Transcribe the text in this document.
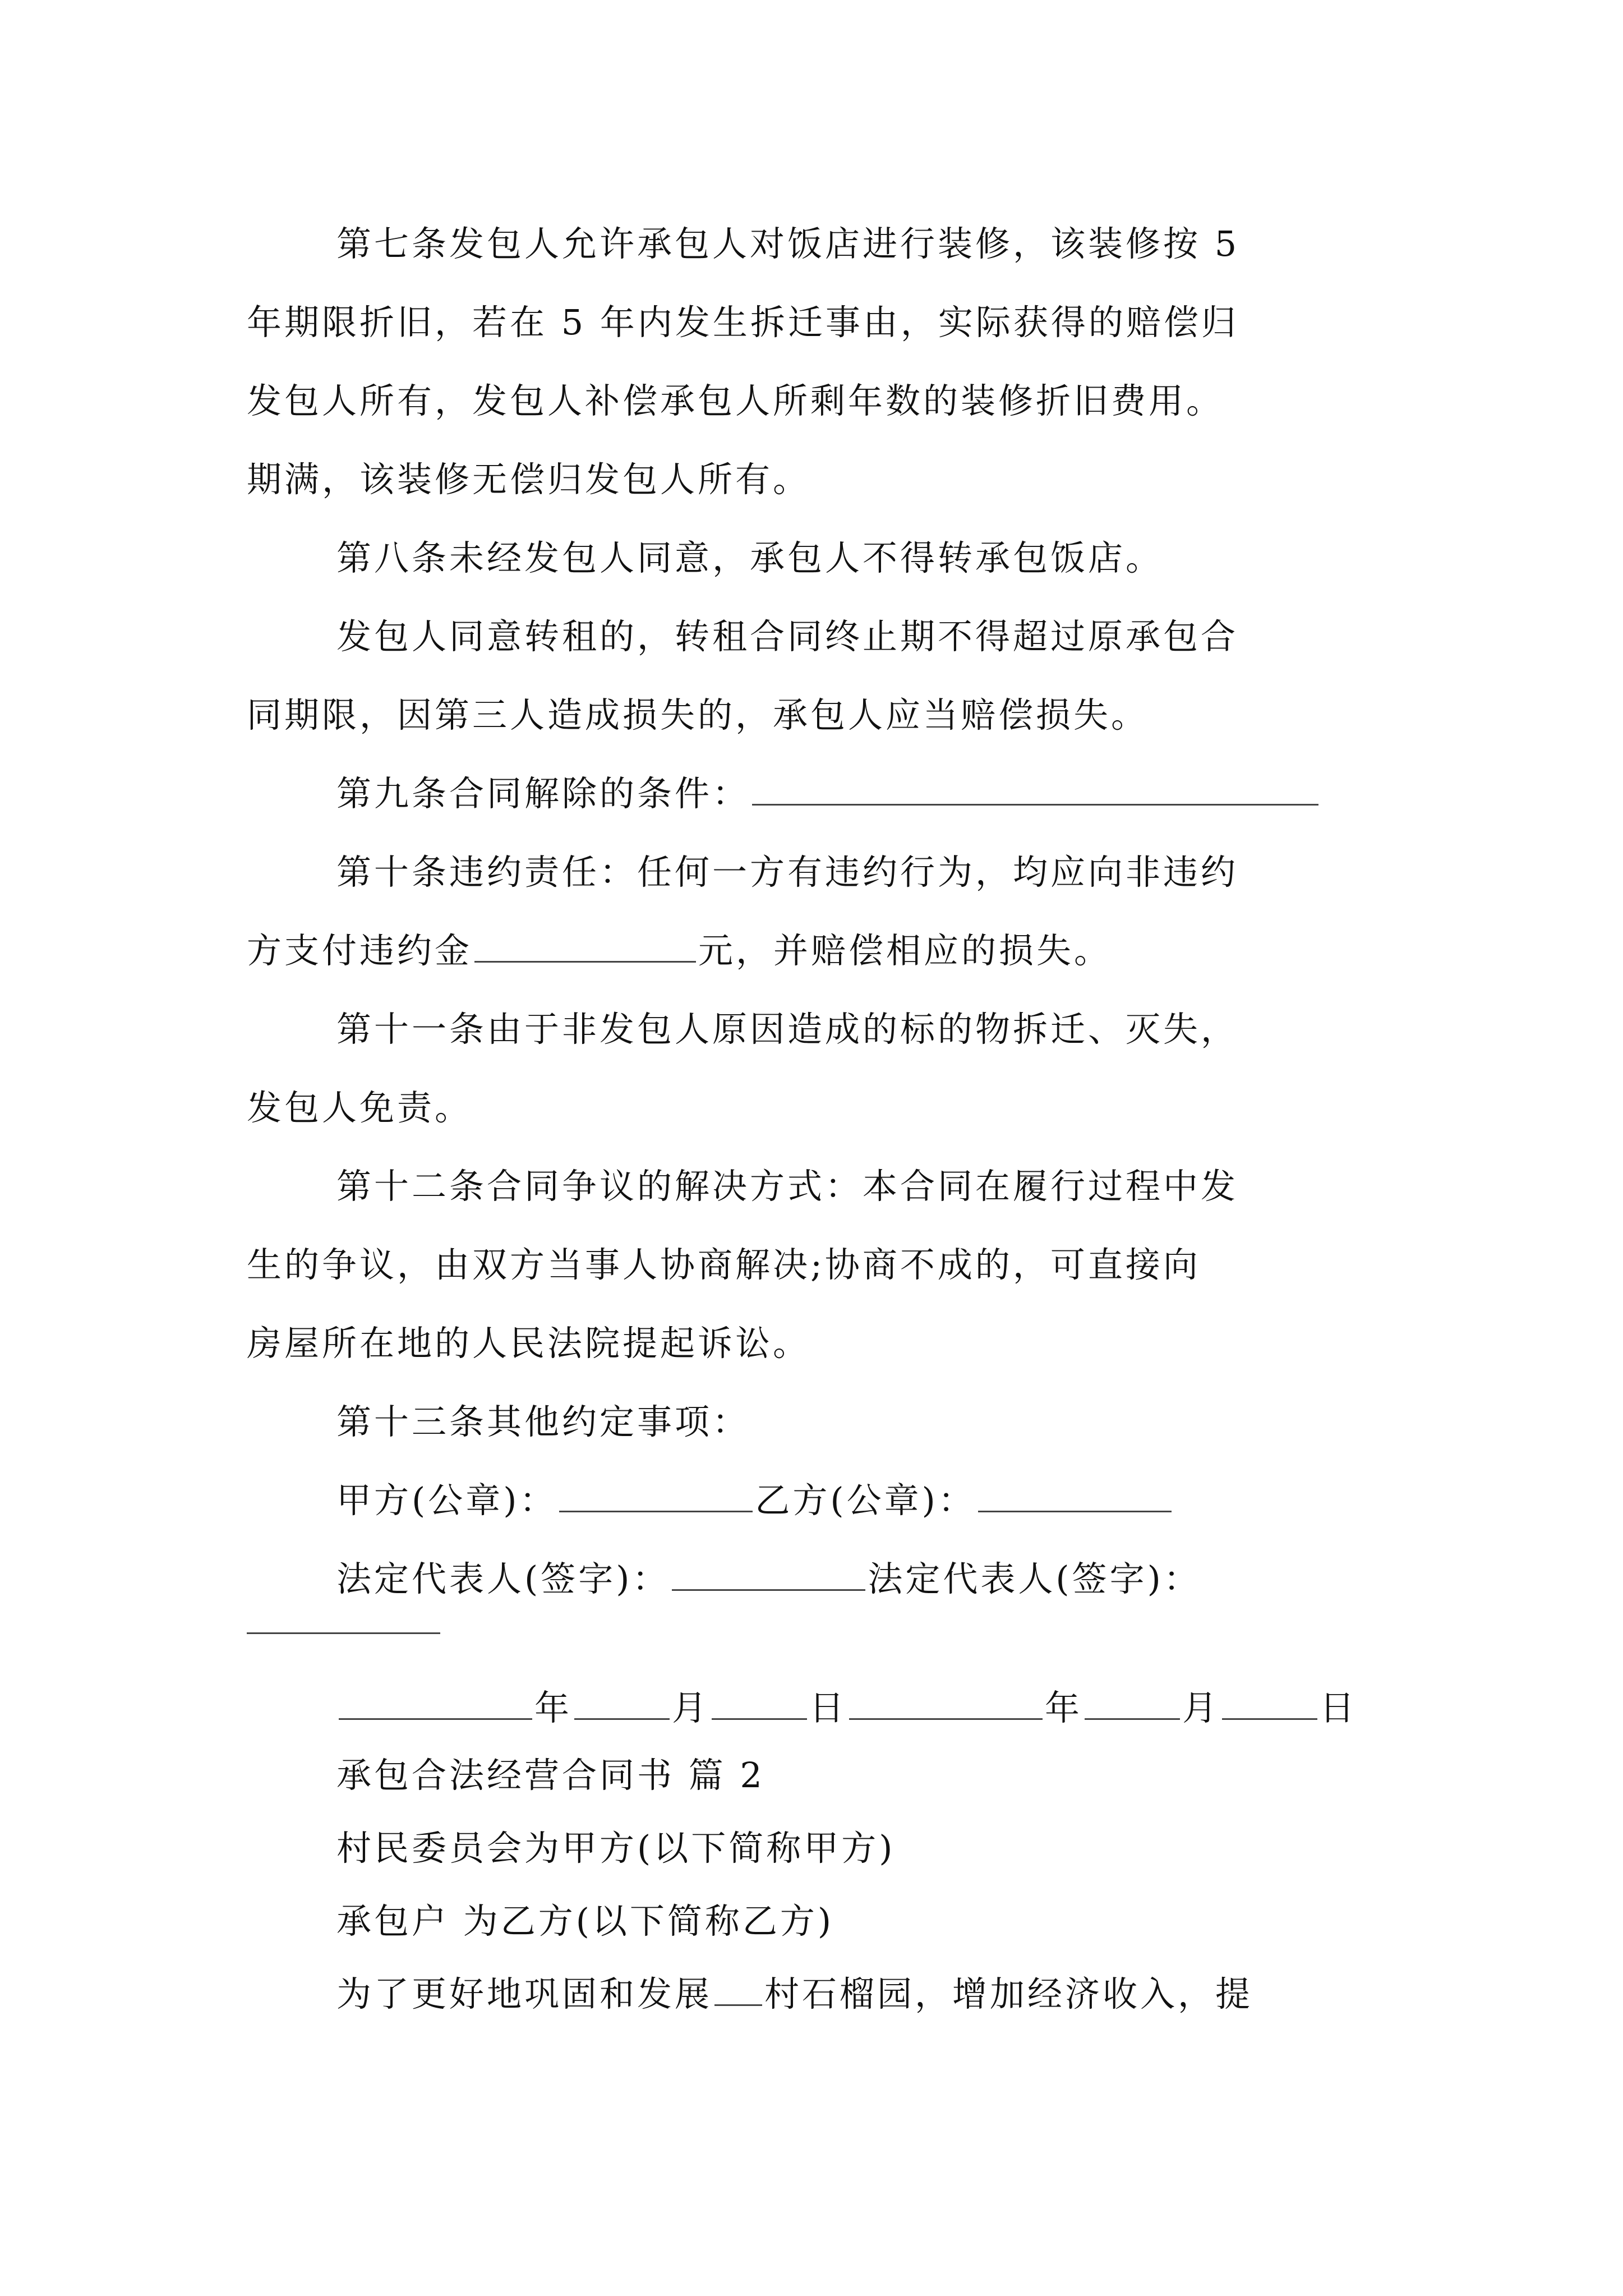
第七条发包人允许承包人对饭店进行装修，该装修按 5
年期限折旧，若在 5 年内发生拆迁事由，实际获得的赔偿归
发包人所有，发包人补偿承包人所剩年数的装修折旧费用。
期满，该装修无偿归发包人所有。
第八条未经发包人同意，承包人不得转承包饭店。
发包人同意转租的，转租合同终止期不得超过原承包合
同期限，因第三人造成损失的，承包人应当赔偿损失。
第九条合同解除的条件：
第十条违约责任：任何一方有违约行为，均应向非违约
方支付违约金	元，并赔偿相应的损失。
第十一条由于非发包人原因造成的标的物拆迁、灭失，
发包人免责。
第十二条合同争议的解决方式：本合同在履行过程中发
生的争议，由双方当事人协商解决;协商不成的，可直接向
房屋所在地的人民法院提起诉讼。
第十三条其他约定事项：
甲方(公章)：	乙方(公章)：
法定代表人(签字)：	法定代表人(签字)：
年	月	日	年	月	日
承包合法经营合同书 篇 2
村民委员会为甲方(以下简称甲方)
承包户 为乙方(以下简称乙方)
为了更好地巩固和发展 村石榴园，增加经济收入，提
